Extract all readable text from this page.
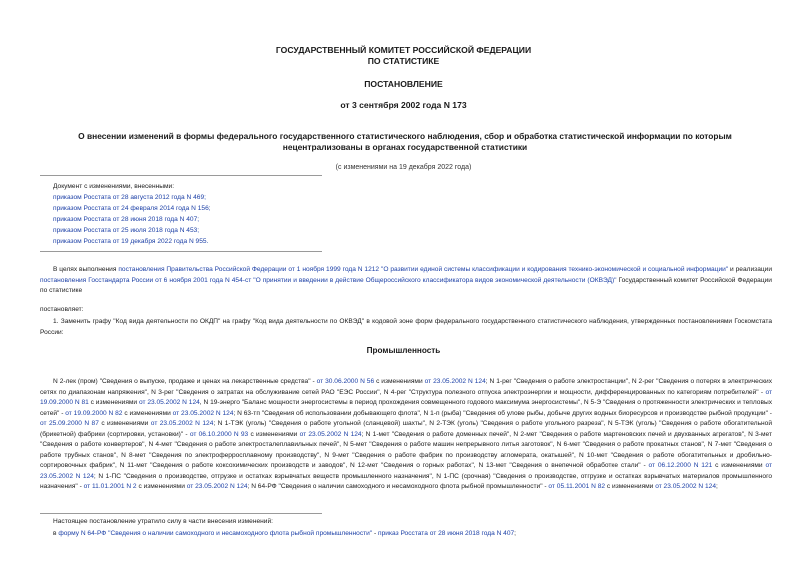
ГОСУДАРСТВЕННЫЙ КОМИТЕТ РОССИЙСКОЙ ФЕДЕРАЦИИ
ПО СТАТИСТИКЕ
ПОСТАНОВЛЕНИЕ
от 3 сентября 2002 года N 173
О внесении изменений в формы федерального государственного статистического наблюдения, сбор и обработка статистической информации по которым
нецентрализованы в органах государственной статистики
(с изменениями на 19 декабря 2022 года)
Документ с изменениями, внесенными:
приказом Росстата от 28 августа 2012 года N 469;
приказом Росстата от 24 февраля 2014 года N 156;
приказом Росстата от 28 июня 2018 года N 407;
приказом Росстата от 25 июля 2018 года N 453;
приказом Росстата от 19 декабря 2022 года N 955.
В целях выполнения постановления Правительства Российской Федерации от 1 ноября 1999 года N 1212 "О развитии единой системы классификации и кодирования технико-экономической и социальной информации" и реализации постановления Госстандарта России от 6 ноября 2001 года N 454-ст "О принятии и введении в действие Общероссийского классификатора видов экономической деятельности (ОКВЭД)" Государственный комитет Российской Федерации по статистике
постановляет:
1. Заменить графу "Код вида деятельности по ОКДП" на графу "Код вида деятельности по ОКВЭД" в кодовой зоне форм федерального государственного статистического наблюдения, утвержденных постановлениями Госкомстата России:
Промышленность
N 2-лек (пром) "Сведения о выпуске, продаже и ценах на лекарственные средства" - от 30.06.2000 N 56 с изменениями от 23.05.2002 N 124; N 1-рег "Сведения о работе электростанции", N 2-рег "Сведения о потерях в электрических сетях по диапазонам напряжения", N 3-рег "Сведения о затратах на обслуживание сетей РАО "ЕЭС России", N 4-рег "Структура полезного отпуска электроэнергии и мощности, дифференцированных по категориям потребителей" - от 19.09.2000 N 81 с изменениями от 23.05.2002 N 124, N 19-энерго "Баланс мощности энергосистемы в период прохождения совмещенного годового максимума энергосистемы", N 5-Э "Сведения о протяженности электрических и тепловых сетей" - от 19.09.2000 N 82 с изменениями от 23.05.2002 N 124; N 63-тп "Сведения об использовании добывающего флота", N 1-п (рыба) "Сведения об улове рыбы, добыче других водных биоресурсов и производстве рыбной продукции" - от 25.09.2000 N 87 с изменениями от 23.05.2002 N 124; N 1-ТЭК (уголь) "Сведения о работе угольной (сланцевой) шахты", N 2-ТЭК (уголь) "Сведения о работе угольного разреза", N 5-ТЭК (уголь) "Сведения о работе обогатительной (брикетной) фабрики (сортировки, установки)" - от 06.10.2000 N 93 с изменениями от 23.05.2002 N 124; N 1-мет "Сведения о работе доменных печей", N 2-мет "Сведения о работе мартеновских печей и двухванных агрегатов", N 3-мет "Сведения о работе конвертеров", N 4-мет "Сведения о работе электросталеплавильных печей", N 5-мет "Сведения о работе машин непрерывного литья заготовок", N 6-мет "Сведения о работе прокатных станов", N 7-мет "Сведения о работе трубных станов", N 8-мет "Сведения по электроферросплавному производству", N 9-мет "Сведения о работе фабрик по производству агломерата, окатышей", N 10-мет "Сведения о работе обогатительных и дробильно-сортировочных фабрик", N 11-мет "Сведения о работе коксохимических производств и заводов", N 12-мет "Сведения о горных работах", N 13-мет "Сведения о внепечной обработке стали" - от 06.12.2000 N 121 с изменениями от 23.05.2002 N 124; N 1-ПС "Сведения о производстве, отгрузке и остатках взрывчатых веществ промышленного назначения", N 1-ПС (срочная) "Сведения о производстве, отгрузке и остатках взрывчатых материалов промышленного назначения" - от 11.01.2001 N 2 с изменениями от 23.05.2002 N 124; N 64-РФ "Сведения о наличии самоходного и несамоходного флота рыбной промышленности" - от 05.11.2001 N 82 с изменениями от 23.05.2002 N 124;
Настоящее постановление утратило силу в части внесения изменений:
в форму N 64-РФ "Сведения о наличии самоходного и несамоходного флота рыбной промышленности" - приказ Росстата от 28 июня 2018 года N 407;
